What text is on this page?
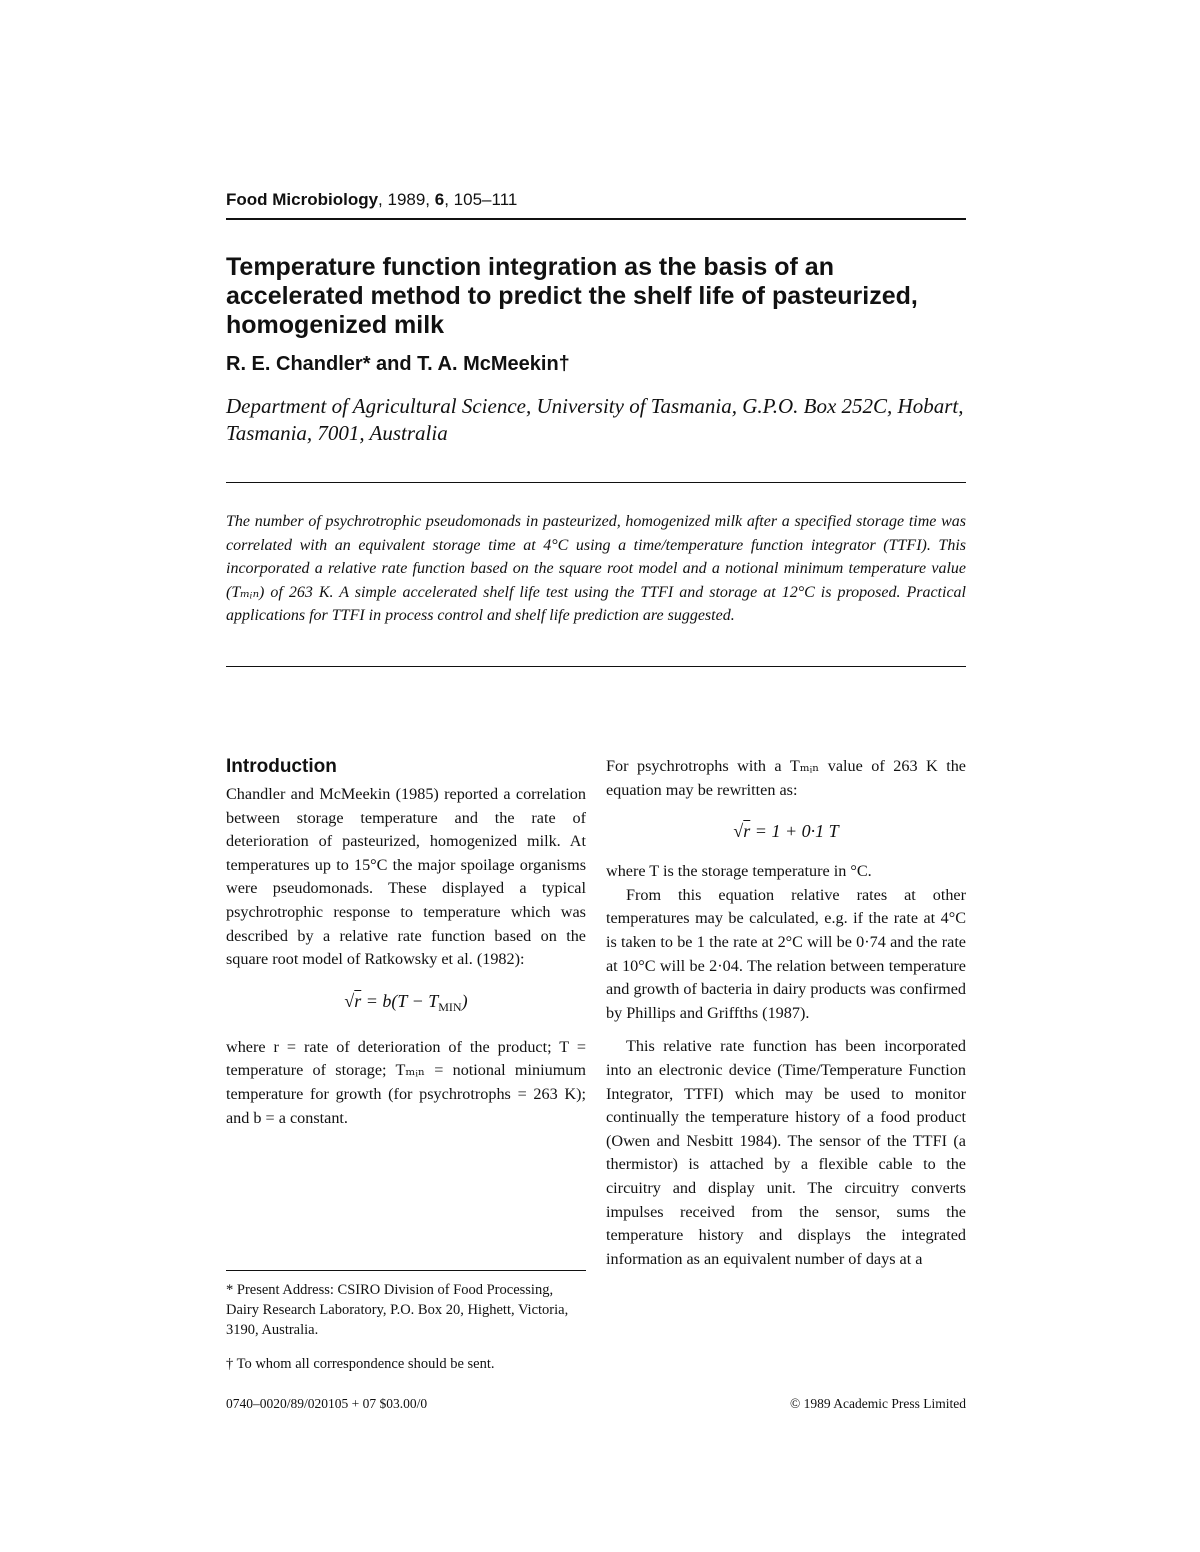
Food Microbiology, 1989, 6, 105–111
Temperature function integration as the basis of an accelerated method to predict the shelf life of pasteurized, homogenized milk
R. E. Chandler* and T. A. McMeekin†
Department of Agricultural Science, University of Tasmania, G.P.O. Box 252C, Hobart, Tasmania, 7001, Australia

The number of psychrotrophic pseudomonads in pasteurized, homogenized milk after a specified storage time was correlated with an equivalent storage time at 4°C using a time/temperature function integrator (TTFI). This incorporated a relative rate function based on the square root model and a notional minimum temperature value (Tₘᵢₙ) of 263 K. A simple accelerated shelf life test using the TTFI and storage at 12°C is proposed. Practical applications for TTFI in process control and shelf life prediction are suggested.

Introduction

Chandler and McMeekin (1985) reported a correlation between storage temperature and the rate of deterioration of pasteurized, homogenized milk. At temperatures up to 15°C the major spoilage organisms were pseudomonads. These displayed a typical psychrotrophic response to temperature which was described by a relative rate function based on the square root model of Ratkowsky et al. (1982):

$√r = b(T - T_{MIN})$

where r = rate of deterioration of the product; T = temperature of storage; Tₘᵢₙ = notional miniumum temperature for growth (for psychrotrophs = 263 K); and b = a constant.

For psychrotrophs with a Tₘᵢₙ value of 263 K the equation may be rewritten as:

√r = 1 + 0·1 T

where T is the storage temperature in °C.

From this equation relative rates at other temperatures may be calculated, e.g. if the rate at 4°C is taken to be 1 the rate at 2°C will be 0·74 and the rate at 10°C will be 2·04. The relation between temperature and growth of bacteria in dairy products was confirmed by Phillips and Griffths (1987).

This relative rate function has been incorporated into an electronic device (Time/Temperature Function Integrator, TTFI) which may be used to monitor continually the temperature history of a food product (Owen and Nesbitt 1984). The sensor of the TTFI (a thermistor) is attached by a flexible cable to the circuitry and display unit. The circuitry converts impulses received from the sensor, sums the temperature history and displays the integrated information as an equivalent number of days at a

* Present Address: CSIRO Division of Food Processing, Dairy Research Laboratory, P.O. Box 20, Highett, Victoria, 3190, Australia.

† To whom all correspondence should be sent.

0740–0020/89/020105 + 07 $03.00/0	© 1989 Academic Press Limited
